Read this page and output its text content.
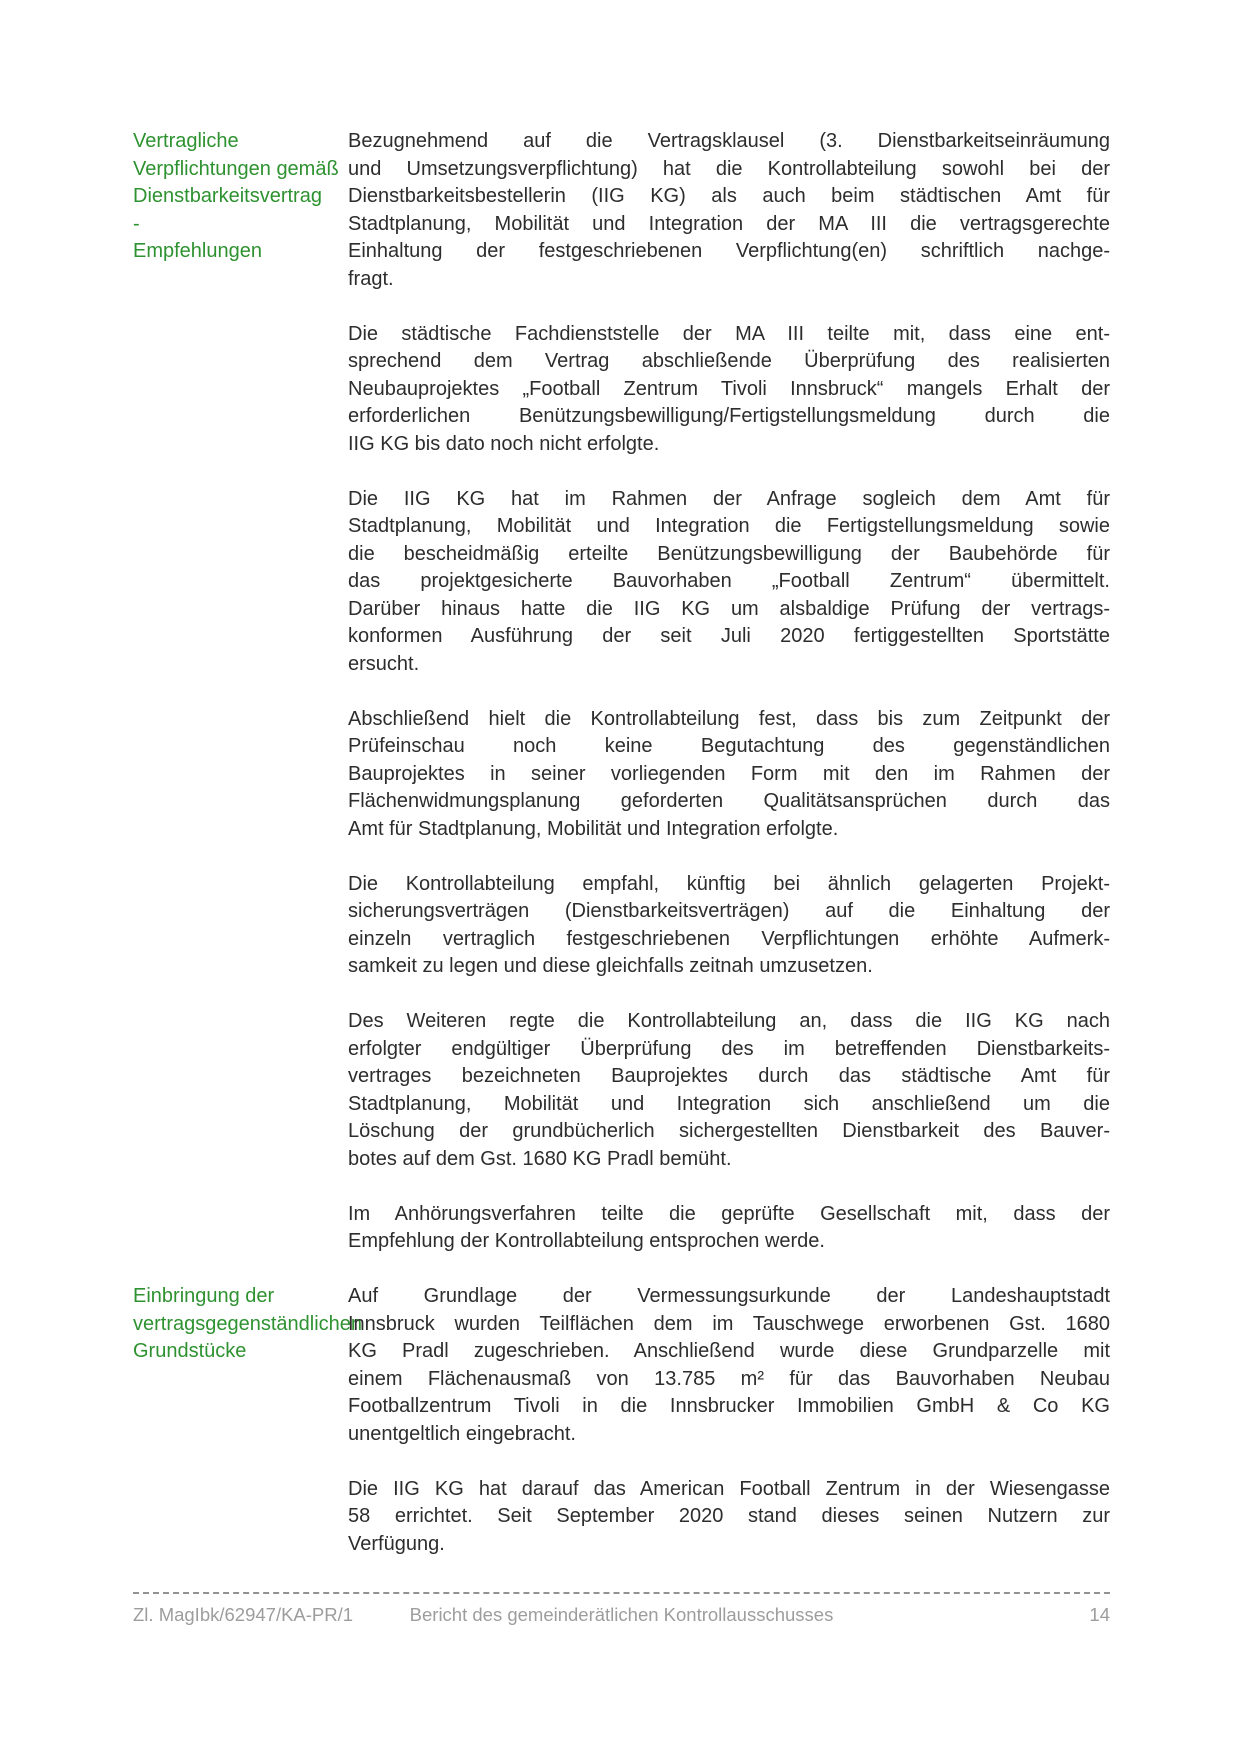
Vertragliche
Verpflichtungen gemäß
Dienstbarkeitsvertrag
-
Empfehlungen
Bezugnehmend auf die Vertragsklausel (3. Dienstbarkeitseinräumung
und Umsetzungsverpflichtung) hat die Kontrollabteilung sowohl bei der
Dienstbarkeitsbestellerin (IIG KG) als auch beim städtischen Amt für
Stadtplanung, Mobilität und Integration der MA III die vertragsgerechte
Einhaltung der festgeschriebenen Verpflichtung(en) schriftlich nachge-
fragt.
Die städtische Fachdienststelle der MA III teilte mit, dass eine ent-
sprechend dem Vertrag abschließende Überprüfung des realisierten
Neubauprojektes „Football Zentrum Tivoli Innsbruck“ mangels Erhalt der
erforderlichen Benützungsbewilligung/Fertigstellungsmeldung durch die
IIG KG bis dato noch nicht erfolgte.
Die IIG KG hat im Rahmen der Anfrage sogleich dem Amt für
Stadtplanung, Mobilität und Integration die Fertigstellungsmeldung sowie
die bescheidmäßig erteilte Benützungsbewilligung der Baubehörde für
das projektgesicherte Bauvorhaben „Football Zentrum“ übermittelt.
Darüber hinaus hatte die IIG KG um alsbaldige Prüfung der vertrags-
konformen Ausführung der seit Juli 2020 fertiggestellten Sportstätte
ersucht.
Abschließend hielt die Kontrollabteilung fest, dass bis zum Zeitpunkt der
Prüfeinschau noch keine Begutachtung des gegenständlichen
Bauprojektes in seiner vorliegenden Form mit den im Rahmen der
Flächenwidmungsplanung geforderten Qualitätsansprüchen durch das
Amt für Stadtplanung, Mobilität und Integration erfolgte.
Die Kontrollabteilung empfahl, künftig bei ähnlich gelagerten Projekt-
sicherungsverträgen (Dienstbarkeitsverträgen) auf die Einhaltung der
einzeln vertraglich festgeschriebenen Verpflichtungen erhöhte Aufmerk-
samkeit zu legen und diese gleichfalls zeitnah umzusetzen.
Des Weiteren regte die Kontrollabteilung an, dass die IIG KG nach
erfolgter endgültiger Überprüfung des im betreffenden Dienstbarkeits-
vertrages bezeichneten Bauprojektes durch das städtische Amt für
Stadtplanung, Mobilität und Integration sich anschließend um die
Löschung der grundbücherlich sichergestellten Dienstbarkeit des Bauver-
botes auf dem Gst. 1680 KG Pradl bemüht.
Im Anhörungsverfahren teilte die geprüfte Gesellschaft mit, dass der
Empfehlung der Kontrollabteilung entsprochen werde.
Einbringung der
vertragsgegenständlichen
Grundstücke
Auf Grundlage der Vermessungsurkunde der Landeshauptstadt
Innsbruck wurden Teilflächen dem im Tauschwege erworbenen Gst. 1680
KG Pradl zugeschrieben. Anschließend wurde diese Grundparzelle mit
einem Flächenausmaß von 13.785 m² für das Bauvorhaben Neubau
Footballzentrum Tivoli in die Innsbrucker Immobilien GmbH & Co KG
unentgeltlich eingebracht.
Die IIG KG hat darauf das American Football Zentrum in der Wiesengasse
58 errichtet. Seit September 2020 stand dieses seinen Nutzern zur
Verfügung.
Zl. MagIbk/62947/KA-PR/1	Bericht des gemeinderätlichen Kontrollausschusses	14
